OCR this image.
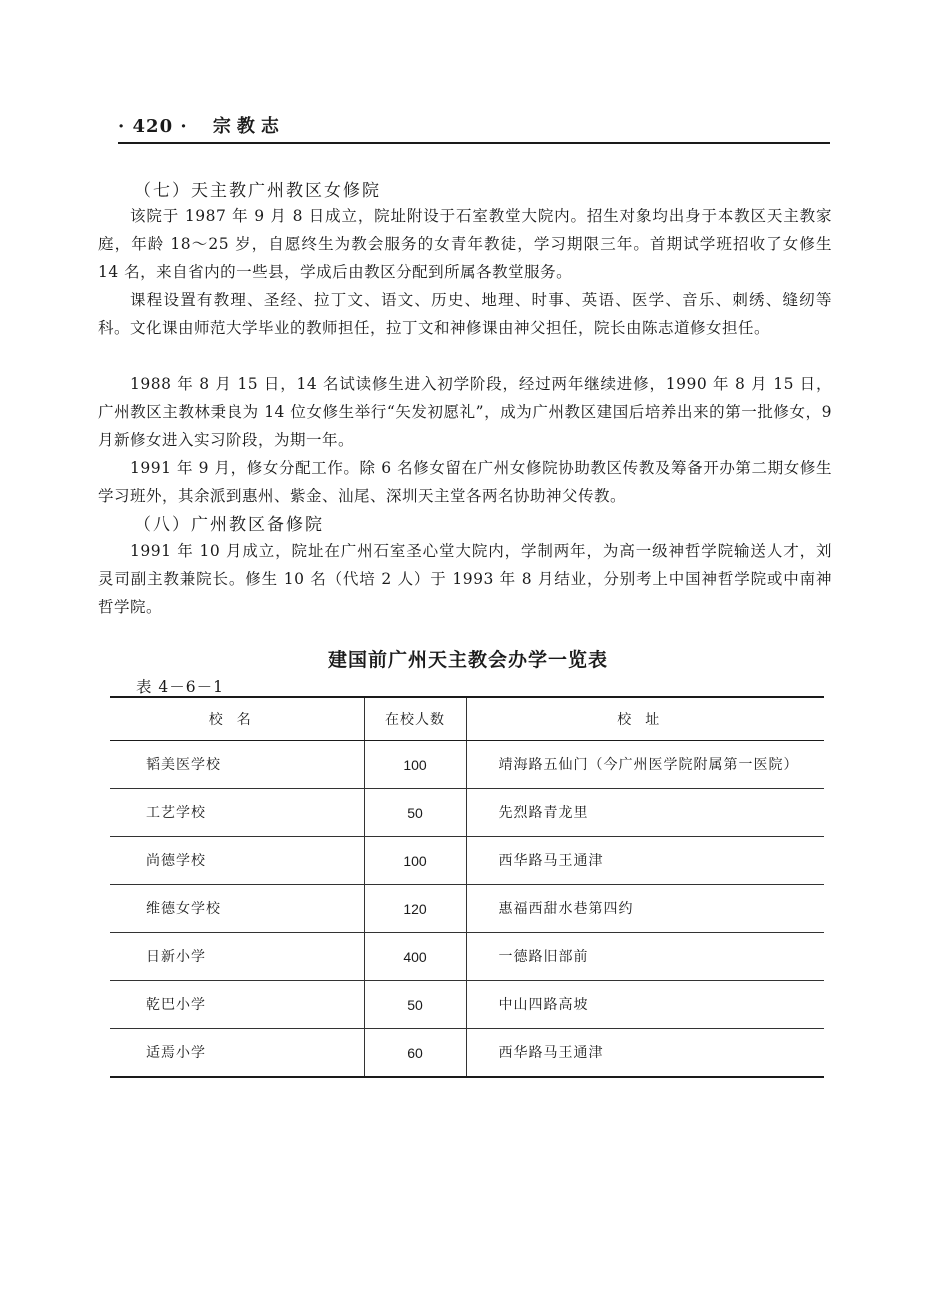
· 420 · 宗教志
（七）天主教广州教区女修院

该院于 1987 年 9 月 8 日成立，院址附设于石室教堂大院内。招生对象均出身于本教区天主教家庭，年龄 18～25 岁，自愿终生为教会服务的女青年教徒，学习期限三年。首期试学班招收了女修生 14 名，来自省内的一些县，学成后由教区分配到所属各教堂服务。

课程设置有教理、圣经、拉丁文、语文、历史、地理、时事、英语、医学、音乐、刺绣、缝纫等科。文化课由师范大学毕业的教师担任，拉丁文和神修课由神父担任，院长由陈志道修女担任。

1988 年 8 月 15 日，14 名试读修生进入初学阶段，经过两年继续进修，1990 年 8 月 15 日，广州教区主教林秉良为 14 位女修生举行“矢发初愿礼”，成为广州教区建国后培养出来的第一批修女，9 月新修女进入实习阶段，为期一年。

1991 年 9 月，修女分配工作。除 6 名修女留在广州女修院协助教区传教及筹备开办第二期女修生学习班外，其余派到惠州、紫金、汕尾、深圳天主堂各两名协助神父传教。

（八）广州教区备修院

1991 年 10 月成立，院址在广州石室圣心堂大院内，学制两年，为高一级神哲学院输送人才，刘灵司副主教兼院长。修生 10 名（代培 2 人）于 1993 年 8 月结业，分别考上中国神哲学院或中南神哲学院。

建国前广州天主教会办学一览表
表 4－6－1
校名	在校人数	校址
韬美医学校	100	靖海路五仙门（今广州医学院附属第一医院）
工艺学校	50	先烈路青龙里
尚德学校	100	西华路马王通津
维德女学校	120	惠福西甜水巷第四约
日新小学	400	一德路旧部前
乾巴小学	50	中山四路高坡
适焉小学	60	西华路马王通津
